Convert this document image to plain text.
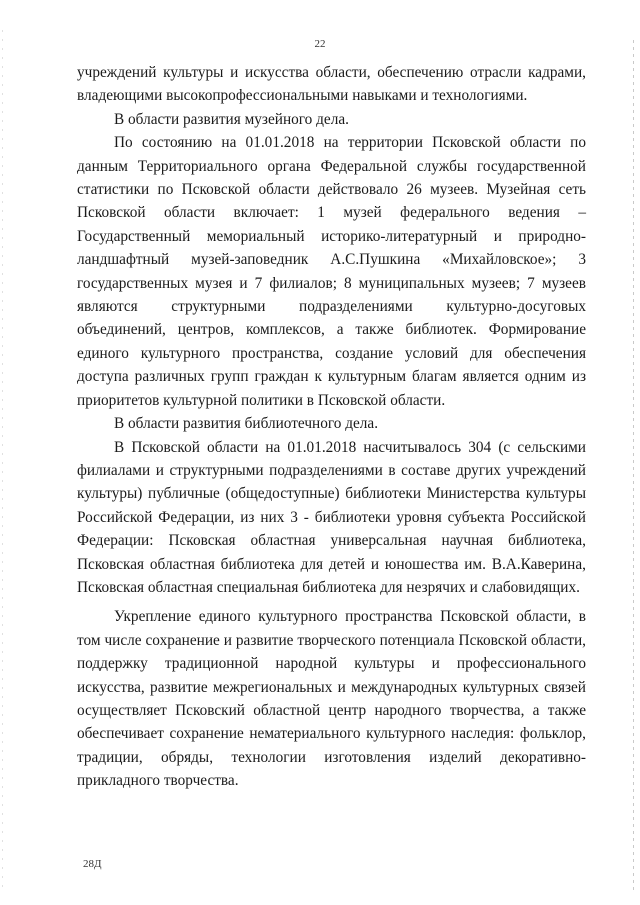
22

учреждений культуры и искусства области, обеспечению отрасли кадрами, владеющими высокопрофессиональными навыками и технологиями.

В области развития музейного дела.

По состоянию на 01.01.2018 на территории Псковской области по данным Территориального органа Федеральной службы государственной статистики по Псковской области действовало 26 музеев. Музейная сеть Псковской области включает: 1 музей федерального ведения – Государственный мемориальный историко-литературный и природно-ландшафтный музей-заповедник А.С.Пушкина «Михайловское»; 3 государственных музея и 7 филиалов; 8 муниципальных музеев; 7 музеев являются структурными подразделениями культурно-досуговых объединений, центров, комплексов, а также библиотек. Формирование единого культурного пространства, создание условий для обеспечения доступа различных групп граждан к культурным благам является одним из приоритетов культурной политики в Псковской области.

В области развития библиотечного дела.

В Псковской области на 01.01.2018 насчитывалось 304 (с сельскими филиалами и структурными подразделениями в составе других учреждений культуры) публичные (общедоступные) библиотеки Министерства культуры Российской Федерации, из них 3 - библиотеки уровня субъекта Российской Федерации: Псковская областная универсальная научная библиотека, Псковская областная библиотека для детей и юношества им. В.А.Каверина, Псковская областная специальная библиотека для незрячих и слабовидящих.

Укрепление единого культурного пространства Псковской области, в том числе сохранение и развитие творческого потенциала Псковской области, поддержку традиционной народной культуры и профессионального искусства, развитие межрегиональных и международных культурных связей осуществляет Псковский областной центр народного творчества, а также обеспечивает сохранение нематериального культурного наследия: фольклор, традиции, обряды, технологии изготовления изделий декоративно-прикладного творчества.

28Д
